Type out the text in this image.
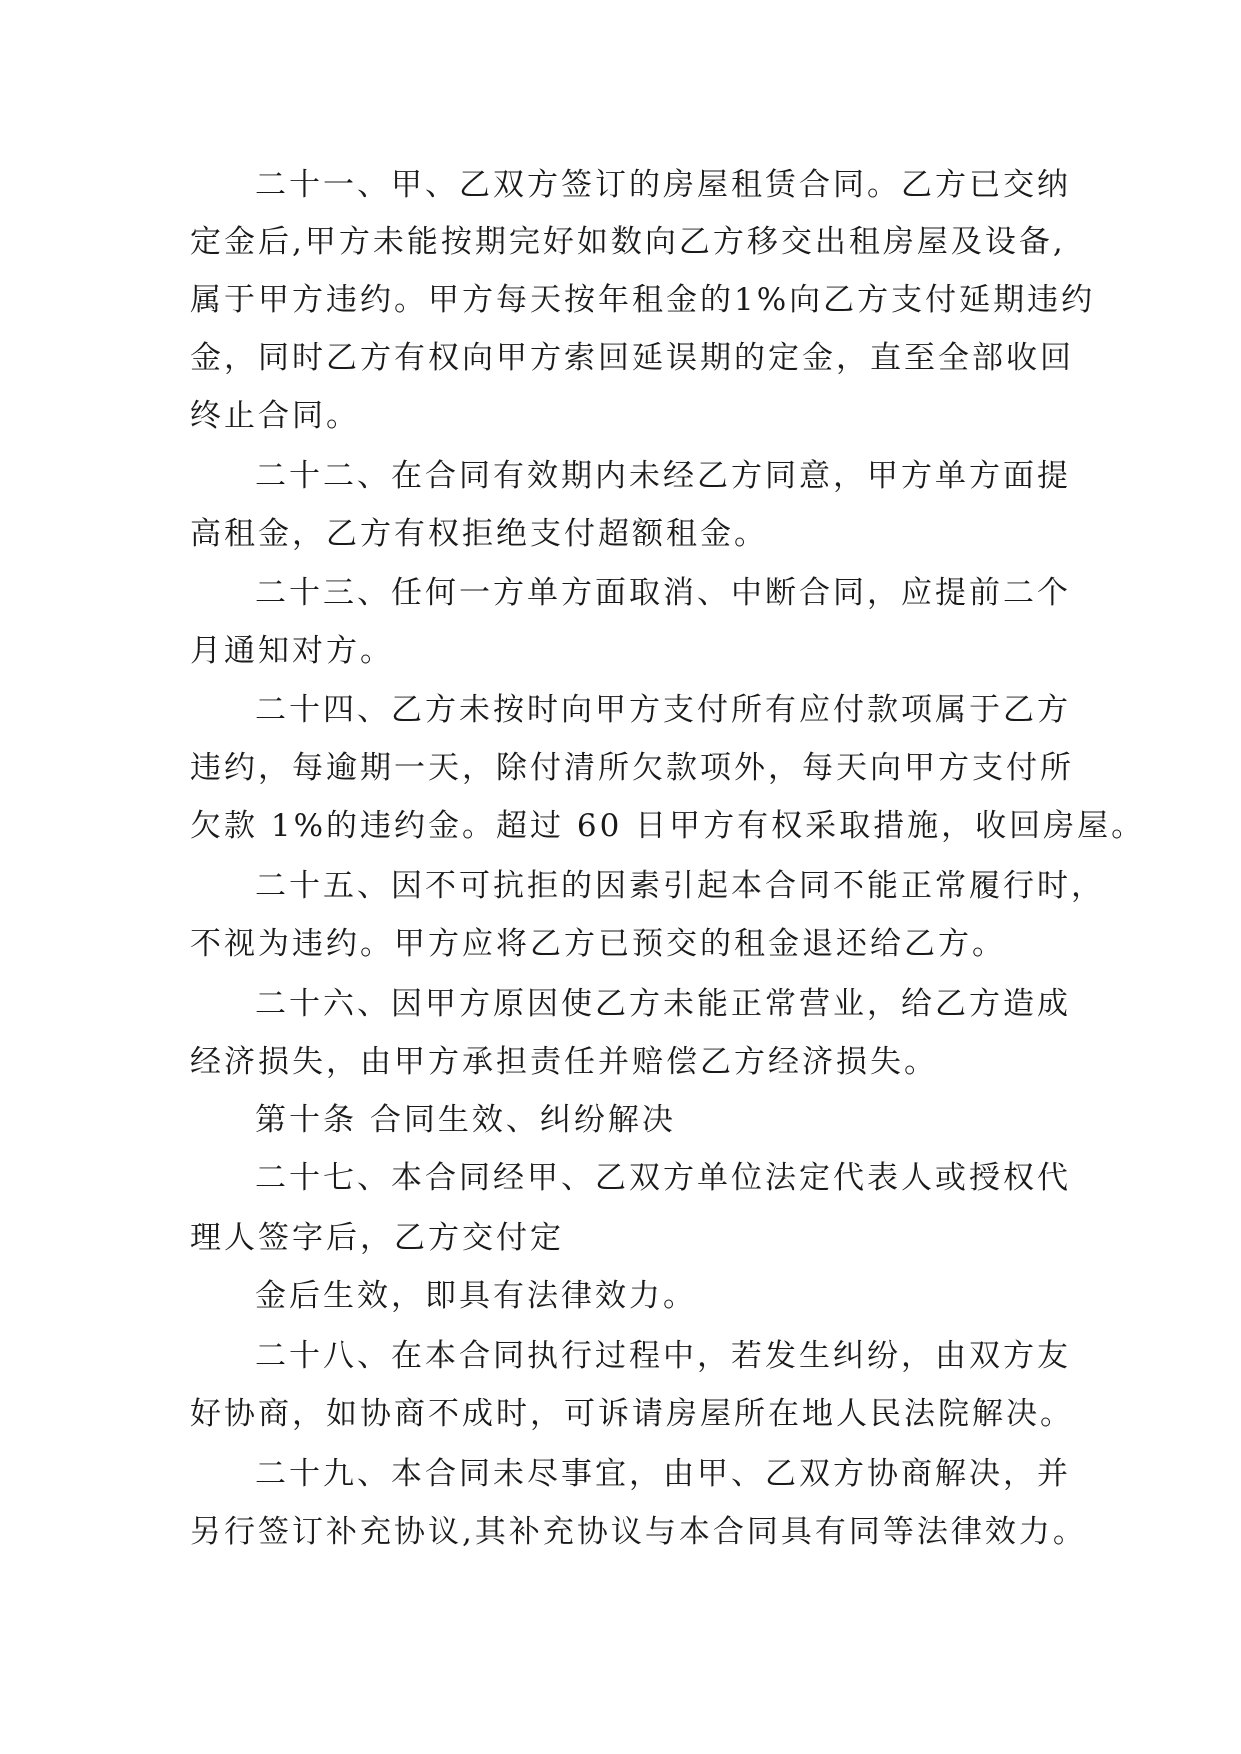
二十一、甲、乙双方签订的房屋租赁合同。乙方已交纳
定金后,甲方未能按期完好如数向乙方移交出租房屋及设备,
属于甲方违约。甲方每天按年租金的1%向乙方支付延期违约
金，同时乙方有权向甲方索回延误期的定金，直至全部收回
终止合同。
二十二、在合同有效期内未经乙方同意，甲方单方面提
高租金，乙方有权拒绝支付超额租金。
二十三、任何一方单方面取消、中断合同，应提前二个
月通知对方。
二十四、乙方未按时向甲方支付所有应付款项属于乙方
违约，每逾期一天，除付清所欠款项外，每天向甲方支付所
欠款 1%的违约金。超过 60 日甲方有权采取措施，收回房屋。
二十五、因不可抗拒的因素引起本合同不能正常履行时，
不视为违约。甲方应将乙方已预交的租金退还给乙方。
二十六、因甲方原因使乙方未能正常营业，给乙方造成
经济损失，由甲方承担责任并赔偿乙方经济损失。
第十条 合同生效、纠纷解决
二十七、本合同经甲、乙双方单位法定代表人或授权代
理人签字后，乙方交付定
金后生效，即具有法律效力。
二十八、在本合同执行过程中，若发生纠纷，由双方友
好协商，如协商不成时，可诉请房屋所在地人民法院解决。
二十九、本合同未尽事宜，由甲、乙双方协商解决，并
另行签订补充协议,其补充协议与本合同具有同等法律效力。
